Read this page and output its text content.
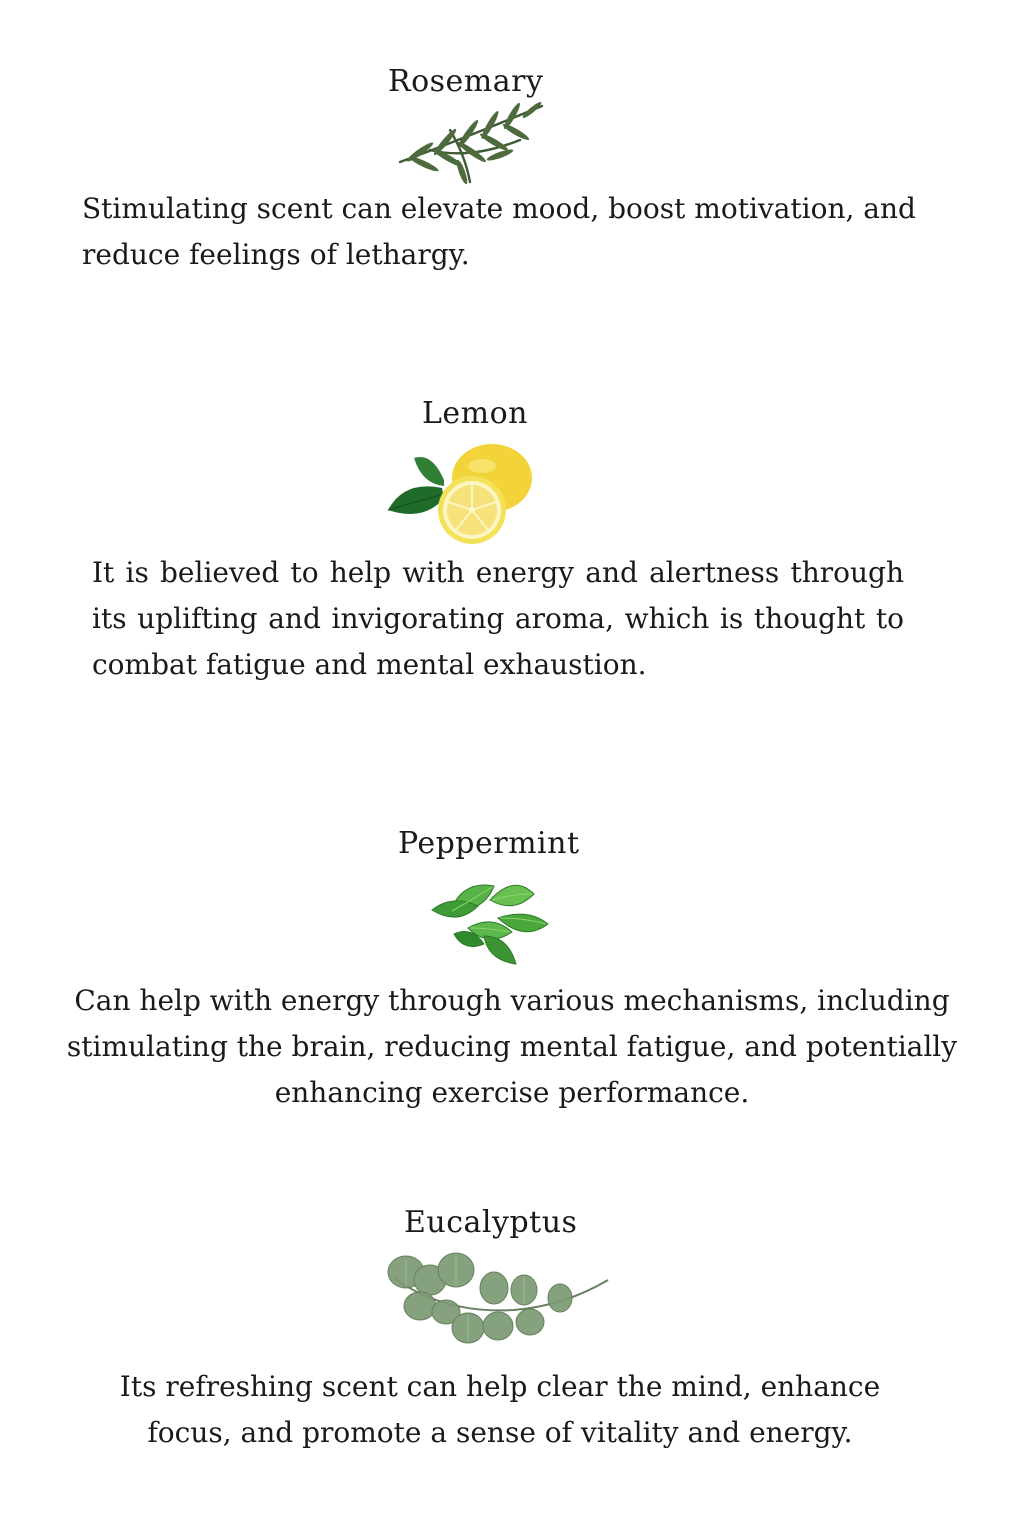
Rosemary

Stimulating scent can elevate mood, boost motivation, and reduce feelings of lethargy.

Lemon

It is believed to help with energy and alertness through its uplifting and invigorating aroma, which is thought to combat fatigue and mental exhaustion.

Peppermint

Can help with energy through various mechanisms, including stimulating the brain, reducing mental fatigue, and potentially enhancing exercise performance.

Eucalyptus

Its refreshing scent can help clear the mind, enhance focus, and promote a sense of vitality and energy.
